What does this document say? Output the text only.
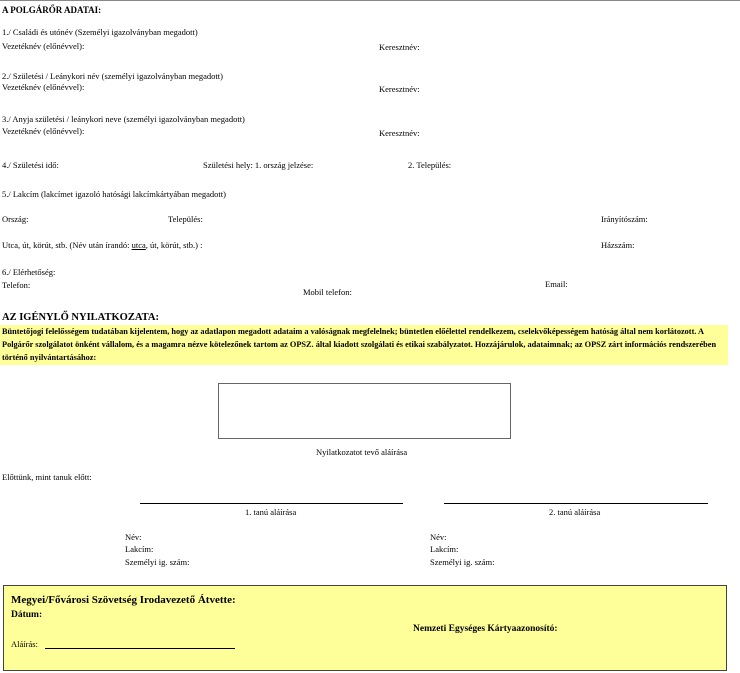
A POLGÁRŐR ADATAI:
1./ Családi és utónév (Személyi igazolványban megadott)
Vezetéknév (előnévvel):	Keresztnév:
2./ Születési / Leánykori név (személyi igazolványban megadott)
Vezetéknév (előnévvel):	Keresztnév:
3./ Anyja születési / leánykori neve (személyi igazolványban megadott)
Vezetéknév (előnévvel):	Keresztnév:
4./ Születési idő:	Születési hely: 1. ország jelzése:	2. Település:
5./ Lakcím (lakcímet igazoló hatósági lakcímkártyában megadott)
Ország:	Település:	Irányítószám:
Utca, út, körút, stb. (Név után írandó: utca, út, körút, stb.) :	Házszám:
6./ Elérhetőség:
Telefon:	Email:
Mobil telefon:
AZ IGÉNYLŐ NYILATKOZATA:
Büntetőjogi felelősségem tudatában kijelentem, hogy az adatlapon megadott adataim a valóságnak megfelelnek; büntetlen előélettel rendelkezem, cselekvőképességem hatóság által nem korlátozott. A Polgárőr szolgálatot önként vállalom, és a magamra nézve kötelezőnek tartom az OPSZ. által kiadott szolgálati és etikai szabályzatot. Hozzájárulok, adataimnak; az OPSZ zárt információs rendszerében történő nyilvántartásához:
Nyilatkozatot tevő aláírása
Előttünk, mint tanuk előtt:
1. tanú aláírása	2. tanú aláírása
Név:
Lakcím:
Személyi ig. szám:
Név:
Lakcím:
Személyi ig. szám:
Megyei/Fővárosi Szövetség Irodavezető Átvette:
Dátum:
Nemzeti Egységes Kártyaazonosító:
Aláírás:
